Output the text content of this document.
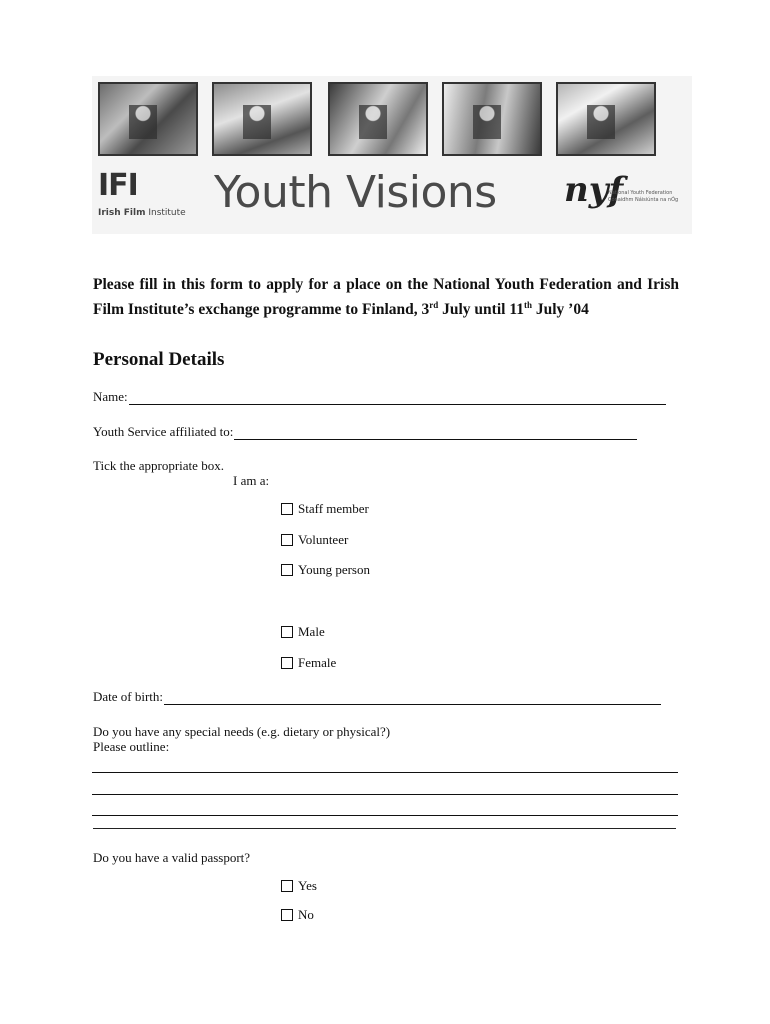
IFI
Irish Film Institute Youth Visions nyf
National Youth Federation Cónaidhm Náisiúnta na nÓg
Please fill in this form to apply for a place on the National Youth Federation and Irish Film Institute’s exchange programme to Finland, 3rd July until 11th July ’04
Personal Details
Name:
Youth Service affiliated to:
Tick the appropriate box.
I am a:
Staff member
Volunteer
Young person
Male
Female
Date of birth:
Do you have any special needs (e.g. dietary or physical?)
Please outline:
Do you have a valid passport?
Yes
No
